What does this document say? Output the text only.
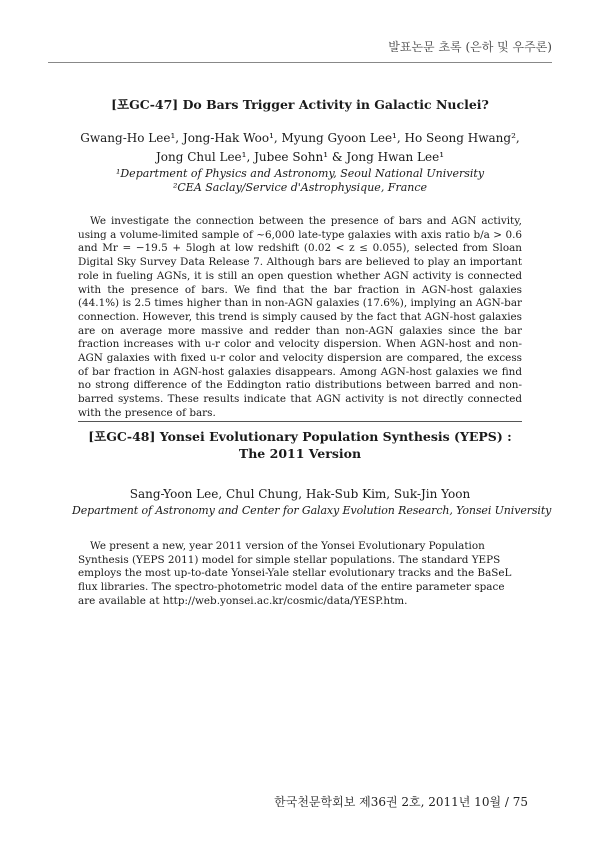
발표논문 초록 (은하 및 우주론)
[포GC-47] Do Bars Trigger Activity in Galactic Nuclei?
Gwang-Ho Lee¹, Jong-Hak Woo¹, Myung Gyoon Lee¹, Ho Seong Hwang²,
Jong Chul Lee¹, Jubee Sohn¹ & Jong Hwan Lee¹
¹Department of Physics and Astronomy, Seoul National University
²CEA Saclay/Service d'Astrophysique, France

We investigate the connection between the presence of bars and AGN activity, using a volume-limited sample of ~6,000 late-type galaxies with axis ratio b/a > 0.6 and Mr = −19.5 + 5logh at low redshift (0.02 < z ≤ 0.055), selected from Sloan Digital Sky Survey Data Release 7. Although bars are believed to play an important role in fueling AGNs, it is still an open question whether AGN activity is connected with the presence of bars. We find that the bar fraction in AGN-host galaxies (44.1%) is 2.5 times higher than in non-AGN galaxies (17.6%), implying an AGN-bar connection. However, this trend is simply caused by the fact that AGN-host galaxies are on average more massive and redder than non-AGN galaxies since the bar fraction increases with u-r color and velocity dispersion. When AGN-host and non-AGN galaxies with fixed u-r color and velocity dispersion are compared, the excess of bar fraction in AGN-host galaxies disappears. Among AGN-host galaxies we find no strong difference of the Eddington ratio distributions between barred and non-barred systems. These results indicate that AGN activity is not directly connected with the presence of bars.

[포GC-48] Yonsei Evolutionary Population Synthesis (YEPS) :
The 2011 Version
Sang-Yoon Lee, Chul Chung, Hak-Sub Kim, Suk-Jin Yoon
Department of Astronomy and Center for Galaxy Evolution Research, Yonsei University

We present a new, year 2011 version of the Yonsei Evolutionary Population Synthesis (YEPS 2011) model for simple stellar populations. The standard YEPS employs the most up-to-date Yonsei-Yale stellar evolutionary tracks and the BaSeL flux libraries. The spectro-photometric model data of the entire parameter space are available at http://web.yonsei.ac.kr/cosmic/data/YESP.htm.

한국천문학회보 제36권 2호, 2011년 10월 / 75
